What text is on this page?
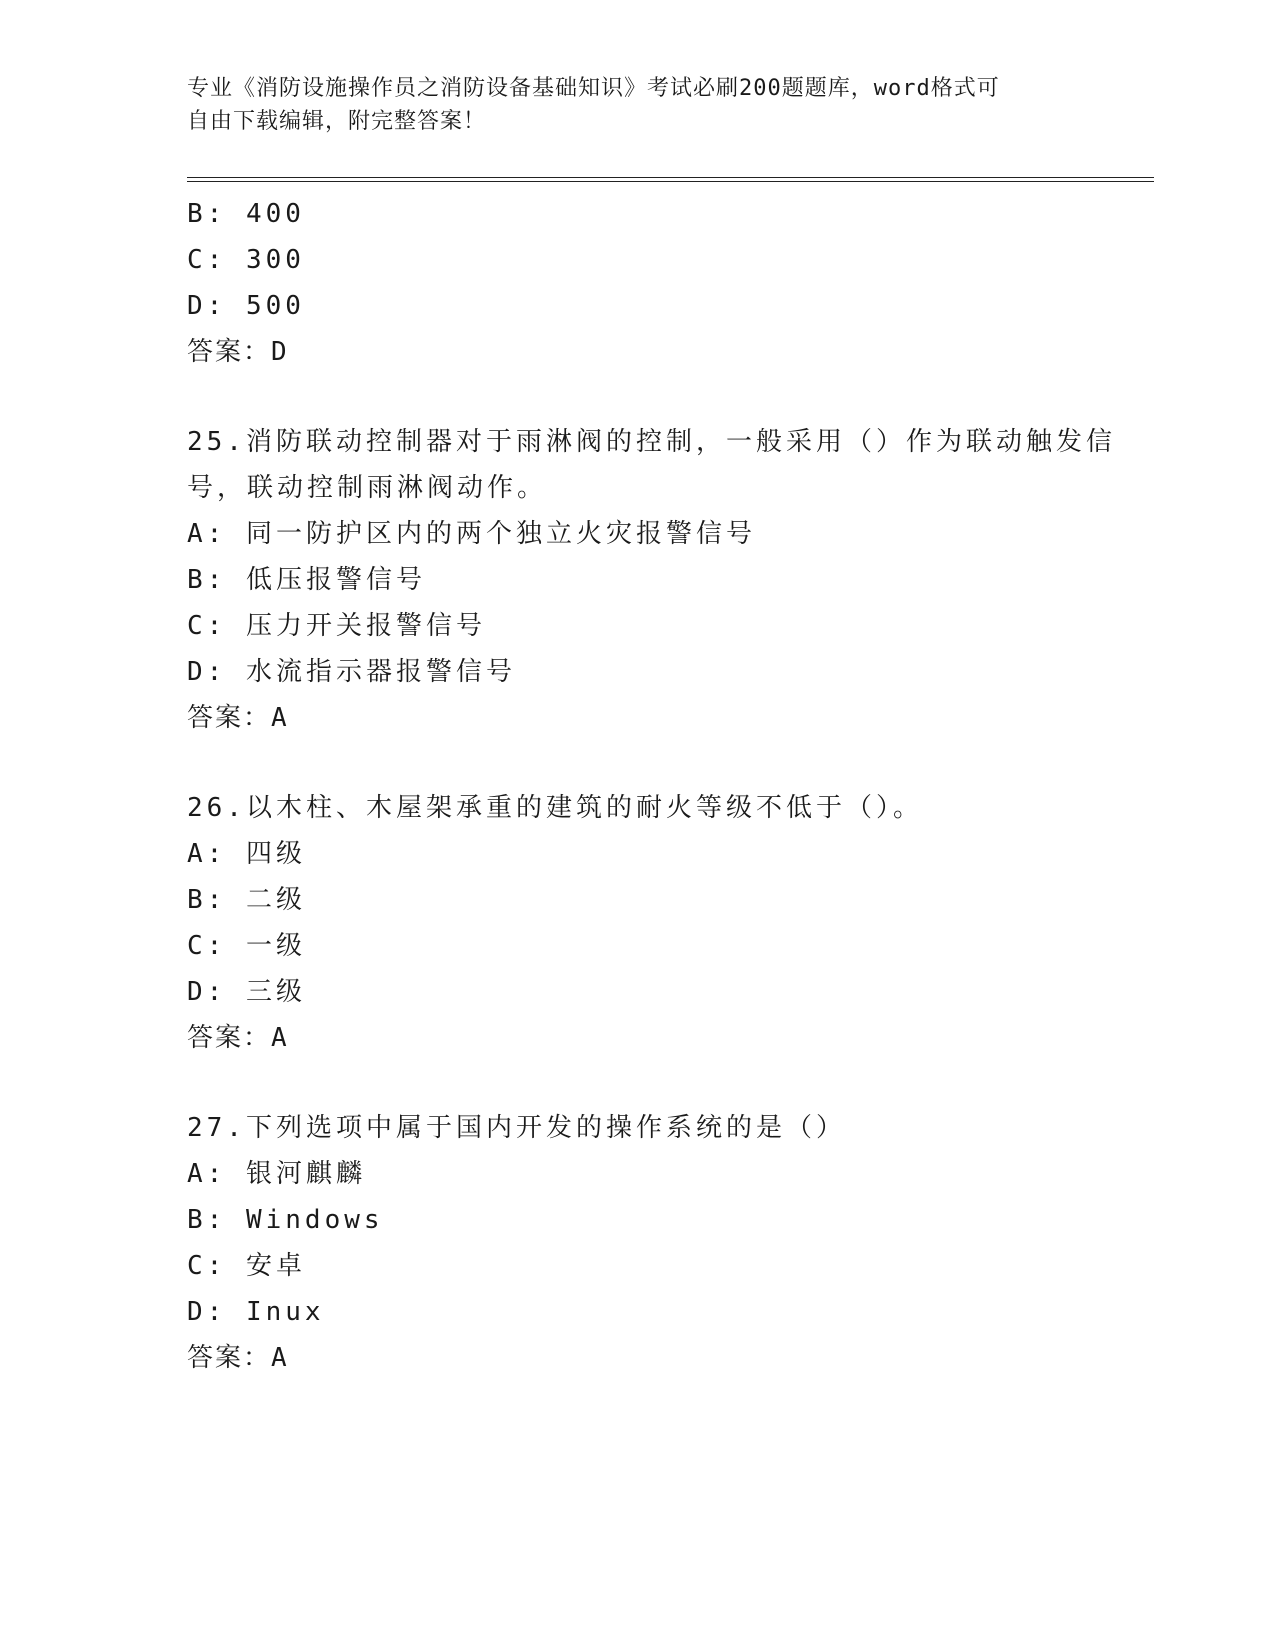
专业《消防设施操作员之消防设备基础知识》考试必刷200题题库，word格式可
自由下载编辑，附完整答案！
B: 400
C: 300
D: 500
答案：D
25.消防联动控制器对于雨淋阀的控制，一般采用（）作为联动触发信
号，联动控制雨淋阀动作。
A: 同一防护区内的两个独立火灾报警信号
B: 低压报警信号
C: 压力开关报警信号
D: 水流指示器报警信号
答案：A
26.以木柱、木屋架承重的建筑的耐火等级不低于（）。
A: 四级
B: 二级
C: 一级
D: 三级
答案：A
27.下列选项中属于国内开发的操作系统的是（）
A: 银河麒麟
B: Windows
C: 安卓
D: Inux
答案：A
